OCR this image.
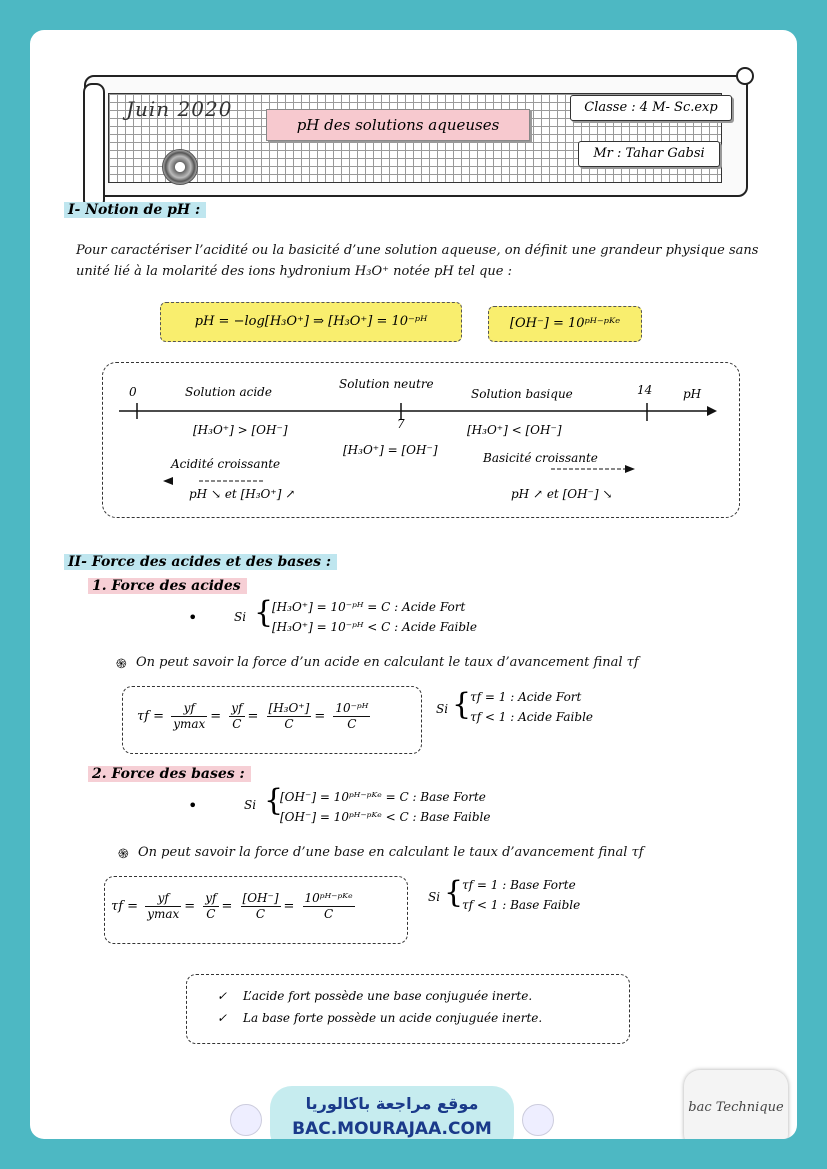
Juin 2020
pH des solutions aqueuses
Classe : 4 M- Sc.exp
Mr : Tahar Gabsi
I- Notion de pH :
Pour caractériser l’acidité ou la basicité d’une solution aqueuse, on définit une grandeur physique sans unité lié à la molarité des ions hydronium H₃O⁺ notée pH tel que :
pH = −log[H₃O⁺] ⇒ [H₃O⁺] = 10⁻ᵖᴴ	[OH⁻] = 10ᵖᴴ⁻ᵖᴷᵉ
0	Solution acide
Solution neutre
Solution basique	14	pH
7
[H₃O⁺] > [OH⁻]
[H₃O⁺] = [OH⁻]
[H₃O⁺] < [OH⁻]
Acidité croissante	Basicité croissante
pH ↘ et [H₃O⁺] ↗	pH ↗ et [OH⁻] ↘
II- Force des acides et des bases :
1. Force des acides
•	Si {
[H₃O⁺] = 10⁻ᵖᴴ = C : Acide Fort
[H₃O⁺] = 10⁻ᵖᴴ < C : Acide Faible
֍ On peut savoir la force d’un acide en calculant le taux d’avancement final τf
$\tau f = \frac{yf}{ymax} = \frac{yf}{C} = \frac{\text{[H₃O⁺]}}{C} = \frac{\text{10⁻ᵖᴴ}}{C}$	Si {
τf = 1 : Acide Fort
τf < 1 : Acide Faible
2. Force des bases :
•	Si {
[OH⁻] = 10ᵖᴴ⁻ᵖᴷᵉ = C : Base Forte
[OH⁻] = 10ᵖᴴ⁻ᵖᴷᵉ < C : Base Faible
֍ On peut savoir la force d’une base en calculant le taux d’avancement final τf
$\tau f = \frac{yf}{ymax} = \frac{yf}{C} = \frac{[OH^-]}{C} = \frac{\text{10ᵖᴴ⁻ᵖᴷᵉ}}{C}$	Si {
τf = 1 : Base Forte
τf < 1 : Base Faible
✓ L’acide fort possède une base conjuguée inerte.
✓ La base forte possède un acide conjuguée inerte.
موقع مراجعة باكالوريا
BAC.MOURAJAA.COM
bac Technique
